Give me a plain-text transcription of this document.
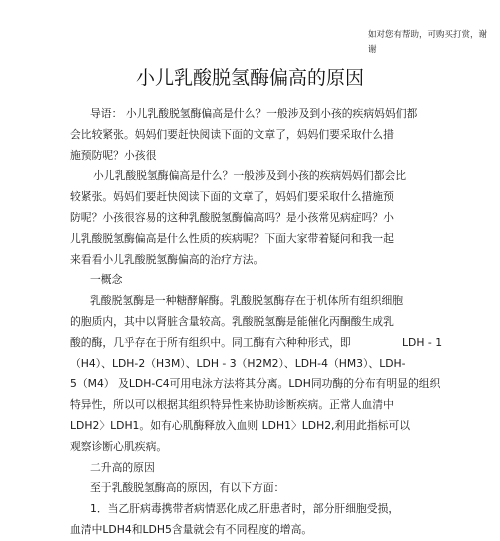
如对您有帮助，可购买打赏，谢谢
小儿乳酸脱氢酶偏高的原因
导语： 小儿乳酸脱氢酶偏高是什么？一般涉及到小孩的疾病妈妈们都
会比较紧张。妈妈们要赶快阅读下面的文章了，妈妈们要采取什么措
施预防呢？小孩很
小儿乳酸脱氢酶偏高是什么？一般涉及到小孩的疾病妈妈们都会比
较紧张。妈妈们要赶快阅读下面的文章了，妈妈们要采取什么措施预
防呢？小孩很容易的这种乳酸脱氢酶偏高吗？是小孩常见病症吗？小
儿乳酸脱氢酶偏高是什么性质的疾病呢？下面大家带着疑问和我一起
来看看小儿乳酸脱氢酶偏高的治疗方法。
一概念
乳酸脱氢酶是一种糖酵解酶。乳酸脱氢酶存在于机体所有组织细胞
的胞质内，其中以肾脏含量较高。乳酸脱氢酶是能催化丙酮酸生成乳
酸的酶，几乎存在于所有组织中。同工酶有六种种形式，即	LDH - 1
（H4）、LDH-2（H3M）、LDH - 3（H2M2）、LDH-4（HM3）、LDH-
5（M4） 及LDH-C4可用电泳方法将其分离。LDH同功酶的分布有明显的组织
特异性，所以可以根据其组织特异性来协助诊断疾病。正常人血清中
LDH2〉LDH1。如有心肌酶释放入血则 LDH1〉LDH2,利用此指标可以
观察诊断心肌疾病。
二升高的原因
至于乳酸脱氢酶高的原因，有以下方面：
1．当乙肝病毒携带者病情恶化成乙肝患者时，部分肝细胞受损，
血清中LDH4和LDH5含量就会有不同程度的增高。
